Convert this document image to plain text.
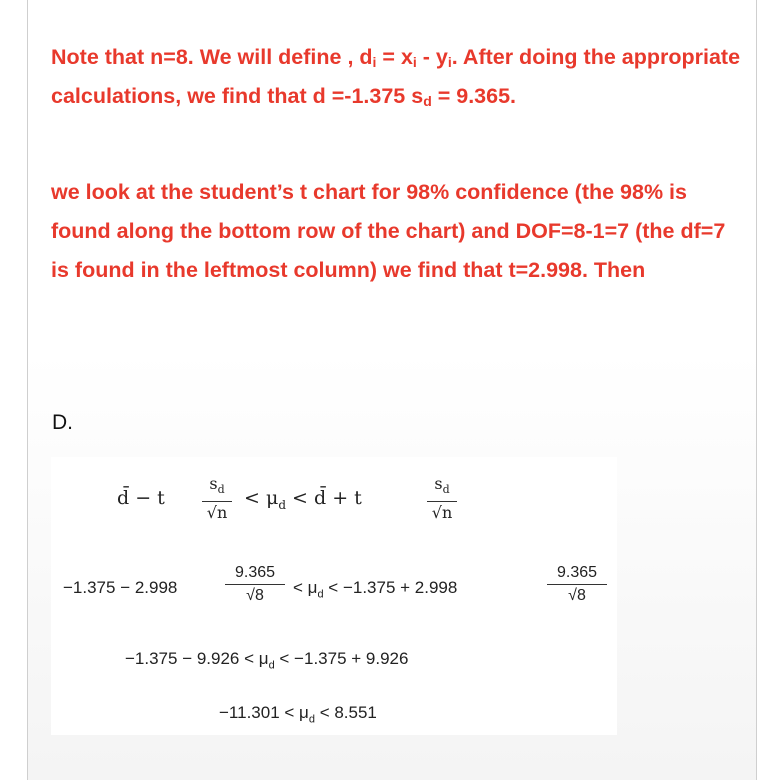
Note that n=8. We will define , $d_i = x_i - y_i$. After doing the appropriate calculations, we find that d =-1.375 $s_d = 9.365$.

we look at the student’s t chart for 98% confidence (the 98% is found along the bottom row of the chart) and DOF=8-1=7 (the df=7 is found in the leftmost column) we find that t=2.998. Then

D.
d̄ − t
$s_d$
√n
< $\mu_d$ < d̄ + t
$s_d$
√n
−1.375 − 2.998
9.365
√8	< $\mu_d < -1.375 + 2.998$
9.365
√8
$-1.375 - 9.926 < \mu_d < -1.375 + 9.926$
$-11.301 < \mu_d < 8.551$
